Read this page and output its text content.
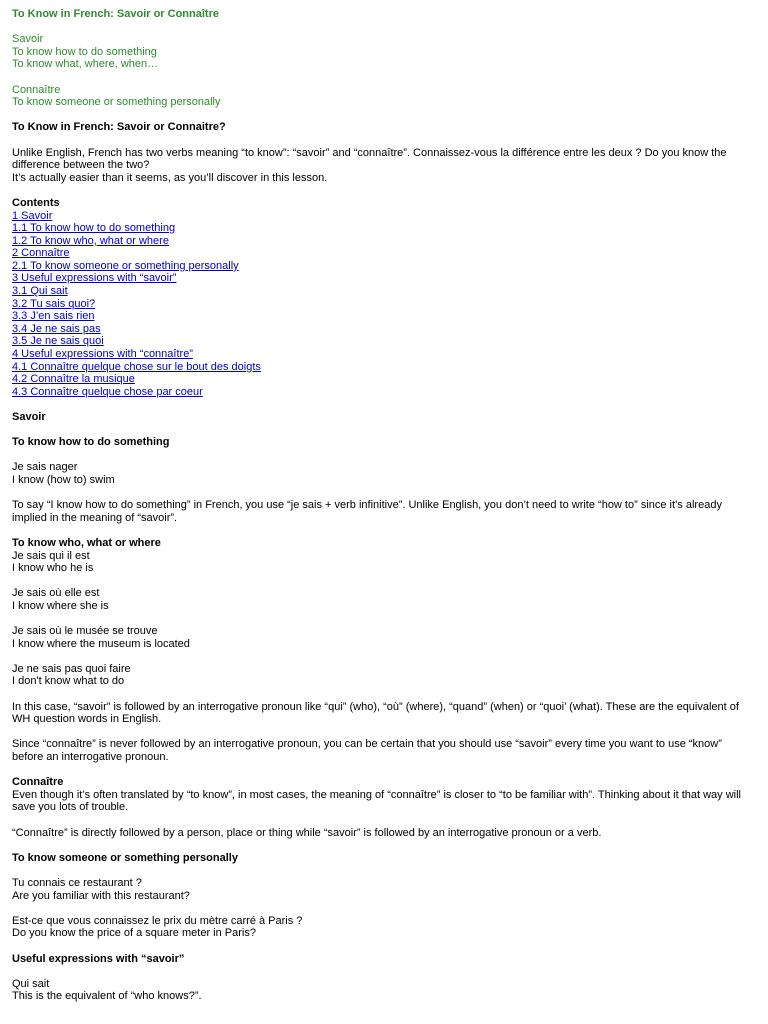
To Know in French: Savoir or Connaître
Savoir
To know how to do something
To know what, where, when…
Connaître
To know someone or something personally
To Know in French: Savoir or Connaitre?
Unlike English, French has two verbs meaning “to know”: “savoir” and “connaître”. Connaissez-vous la différence entre les deux ? Do you know the difference between the two?
It’s actually easier than it seems, as you’ll discover in this lesson.
Contents
1 Savoir
1.1 To know how to do something
1.2 To know who, what or where
2 Connaître
2.1 To know someone or something personally
3 Useful expressions with “savoir”
3.1 Qui sait
3.2 Tu sais quoi?
3.3 J’en sais rien
3.4 Je ne sais pas
3.5 Je ne sais quoi
4 Useful expressions with “connaître”
4.1 Connaître quelque chose sur le bout des doigts
4.2 Connaître la musique
4.3 Connaître quelque chose par coeur
Savoir
To know how to do something
Je sais nager
I know (how to) swim
To say “I know how to do something” in French, you use “je sais + verb infinitive”. Unlike English, you don’t need to write “how to” since it’s already implied in the meaning of “savoir”.
To know who, what or where
Je sais qui il est
I know who he is
Je sais où elle est
I know where she is
Je sais où le musée se trouve
I know where the museum is located
Je ne sais pas quoi faire
I don't know what to do
In this case, “savoir” is followed by an interrogative pronoun like “qui” (who), “où” (where), “quand” (when) or “quoi’ (what). These are the equivalent of WH question words in English.
Since “connaître” is never followed by an interrogative pronoun, you can be certain that you should use “savoir” every time you want to use “know” before an interrogative pronoun.
Connaître
Even though it’s often translated by “to know”, in most cases, the meaning of “connaître” is closer to “to be familiar with”. Thinking about it that way will save you lots of trouble.
“Connaître” is directly followed by a person, place or thing while “savoir” is followed by an interrogative pronoun or a verb.
To know someone or something personally
Tu connais ce restaurant ?
Are you familiar with this restaurant?
Est-ce que vous connaissez le prix du mètre carré à Paris ?
Do you know the price of a square meter in Paris?
Useful expressions with “savoir”
Qui sait
This is the equivalent of “who knows?”.
